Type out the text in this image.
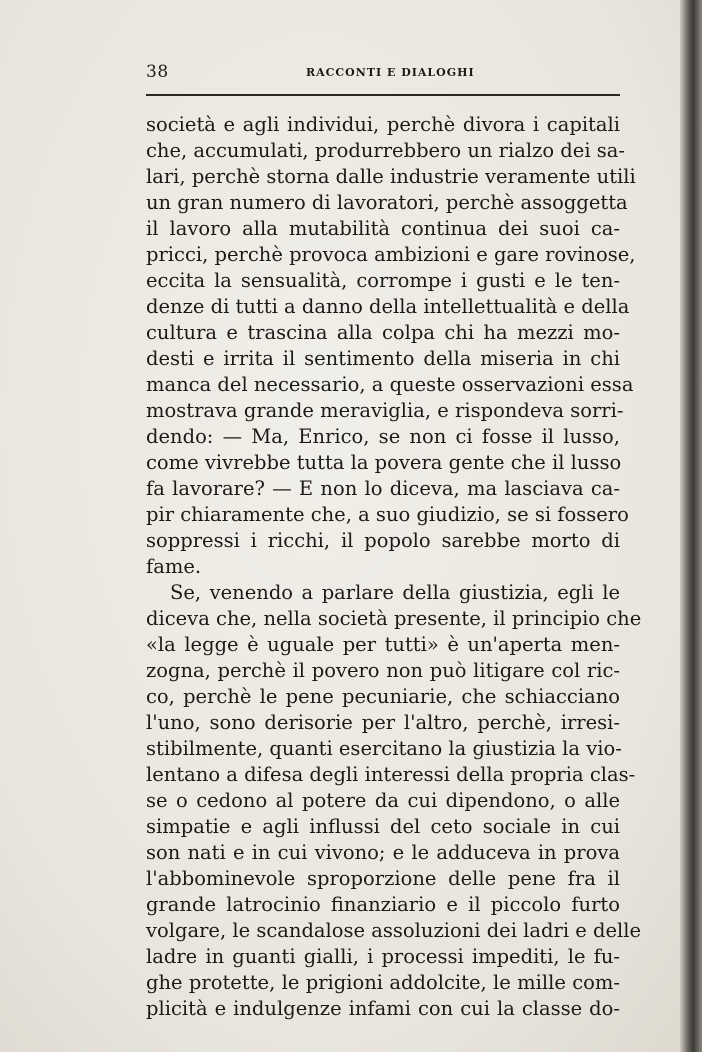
38	RACCONTI E DIALOGHI
società e agli individui, perchè divora i capitali
che, accumulati, produrrebbero un rialzo dei sa-
lari, perchè storna dalle industrie veramente utili
un gran numero di lavoratori, perchè assoggetta
il lavoro alla mutabilità continua dei suoi ca-
pricci, perchè provoca ambizioni e gare rovinose,
eccita la sensualità, corrompe i gusti e le ten-
denze di tutti a danno della intellettualità e della
cultura e trascina alla colpa chi ha mezzi mo-
desti e irrita il sentimento della miseria in chi
manca del necessario, a queste osservazioni essa
mostrava grande meraviglia, e rispondeva sorri-
dendo: — Ma, Enrico, se non ci fosse il lusso,
come vivrebbe tutta la povera gente che il lusso
fa lavorare? — E non lo diceva, ma lasciava ca-
pir chiaramente che, a suo giudizio, se si fossero
soppressi i ricchi, il popolo sarebbe morto di
fame.
Se, venendo a parlare della giustizia, egli le
diceva che, nella società presente, il principio che
«la legge è uguale per tutti» è un'aperta men-
zogna, perchè il povero non può litigare col ric-
co, perchè le pene pecuniarie, che schiacciano
l'uno, sono derisorie per l'altro, perchè, irresi-
stibilmente, quanti esercitano la giustizia la vio-
lentano a difesa degli interessi della propria clas-
se o cedono al potere da cui dipendono, o alle
simpatie e agli influssi del ceto sociale in cui
son nati e in cui vivono; e le adduceva in prova
l'abbominevole sproporzione delle pene fra il
grande latrocinio finanziario e il piccolo furto
volgare, le scandalose assoluzioni dei ladri e delle
ladre in guanti gialli, i processi impediti, le fu-
ghe protette, le prigioni addolcite, le mille com-
plicità e indulgenze infami con cui la classe do-
